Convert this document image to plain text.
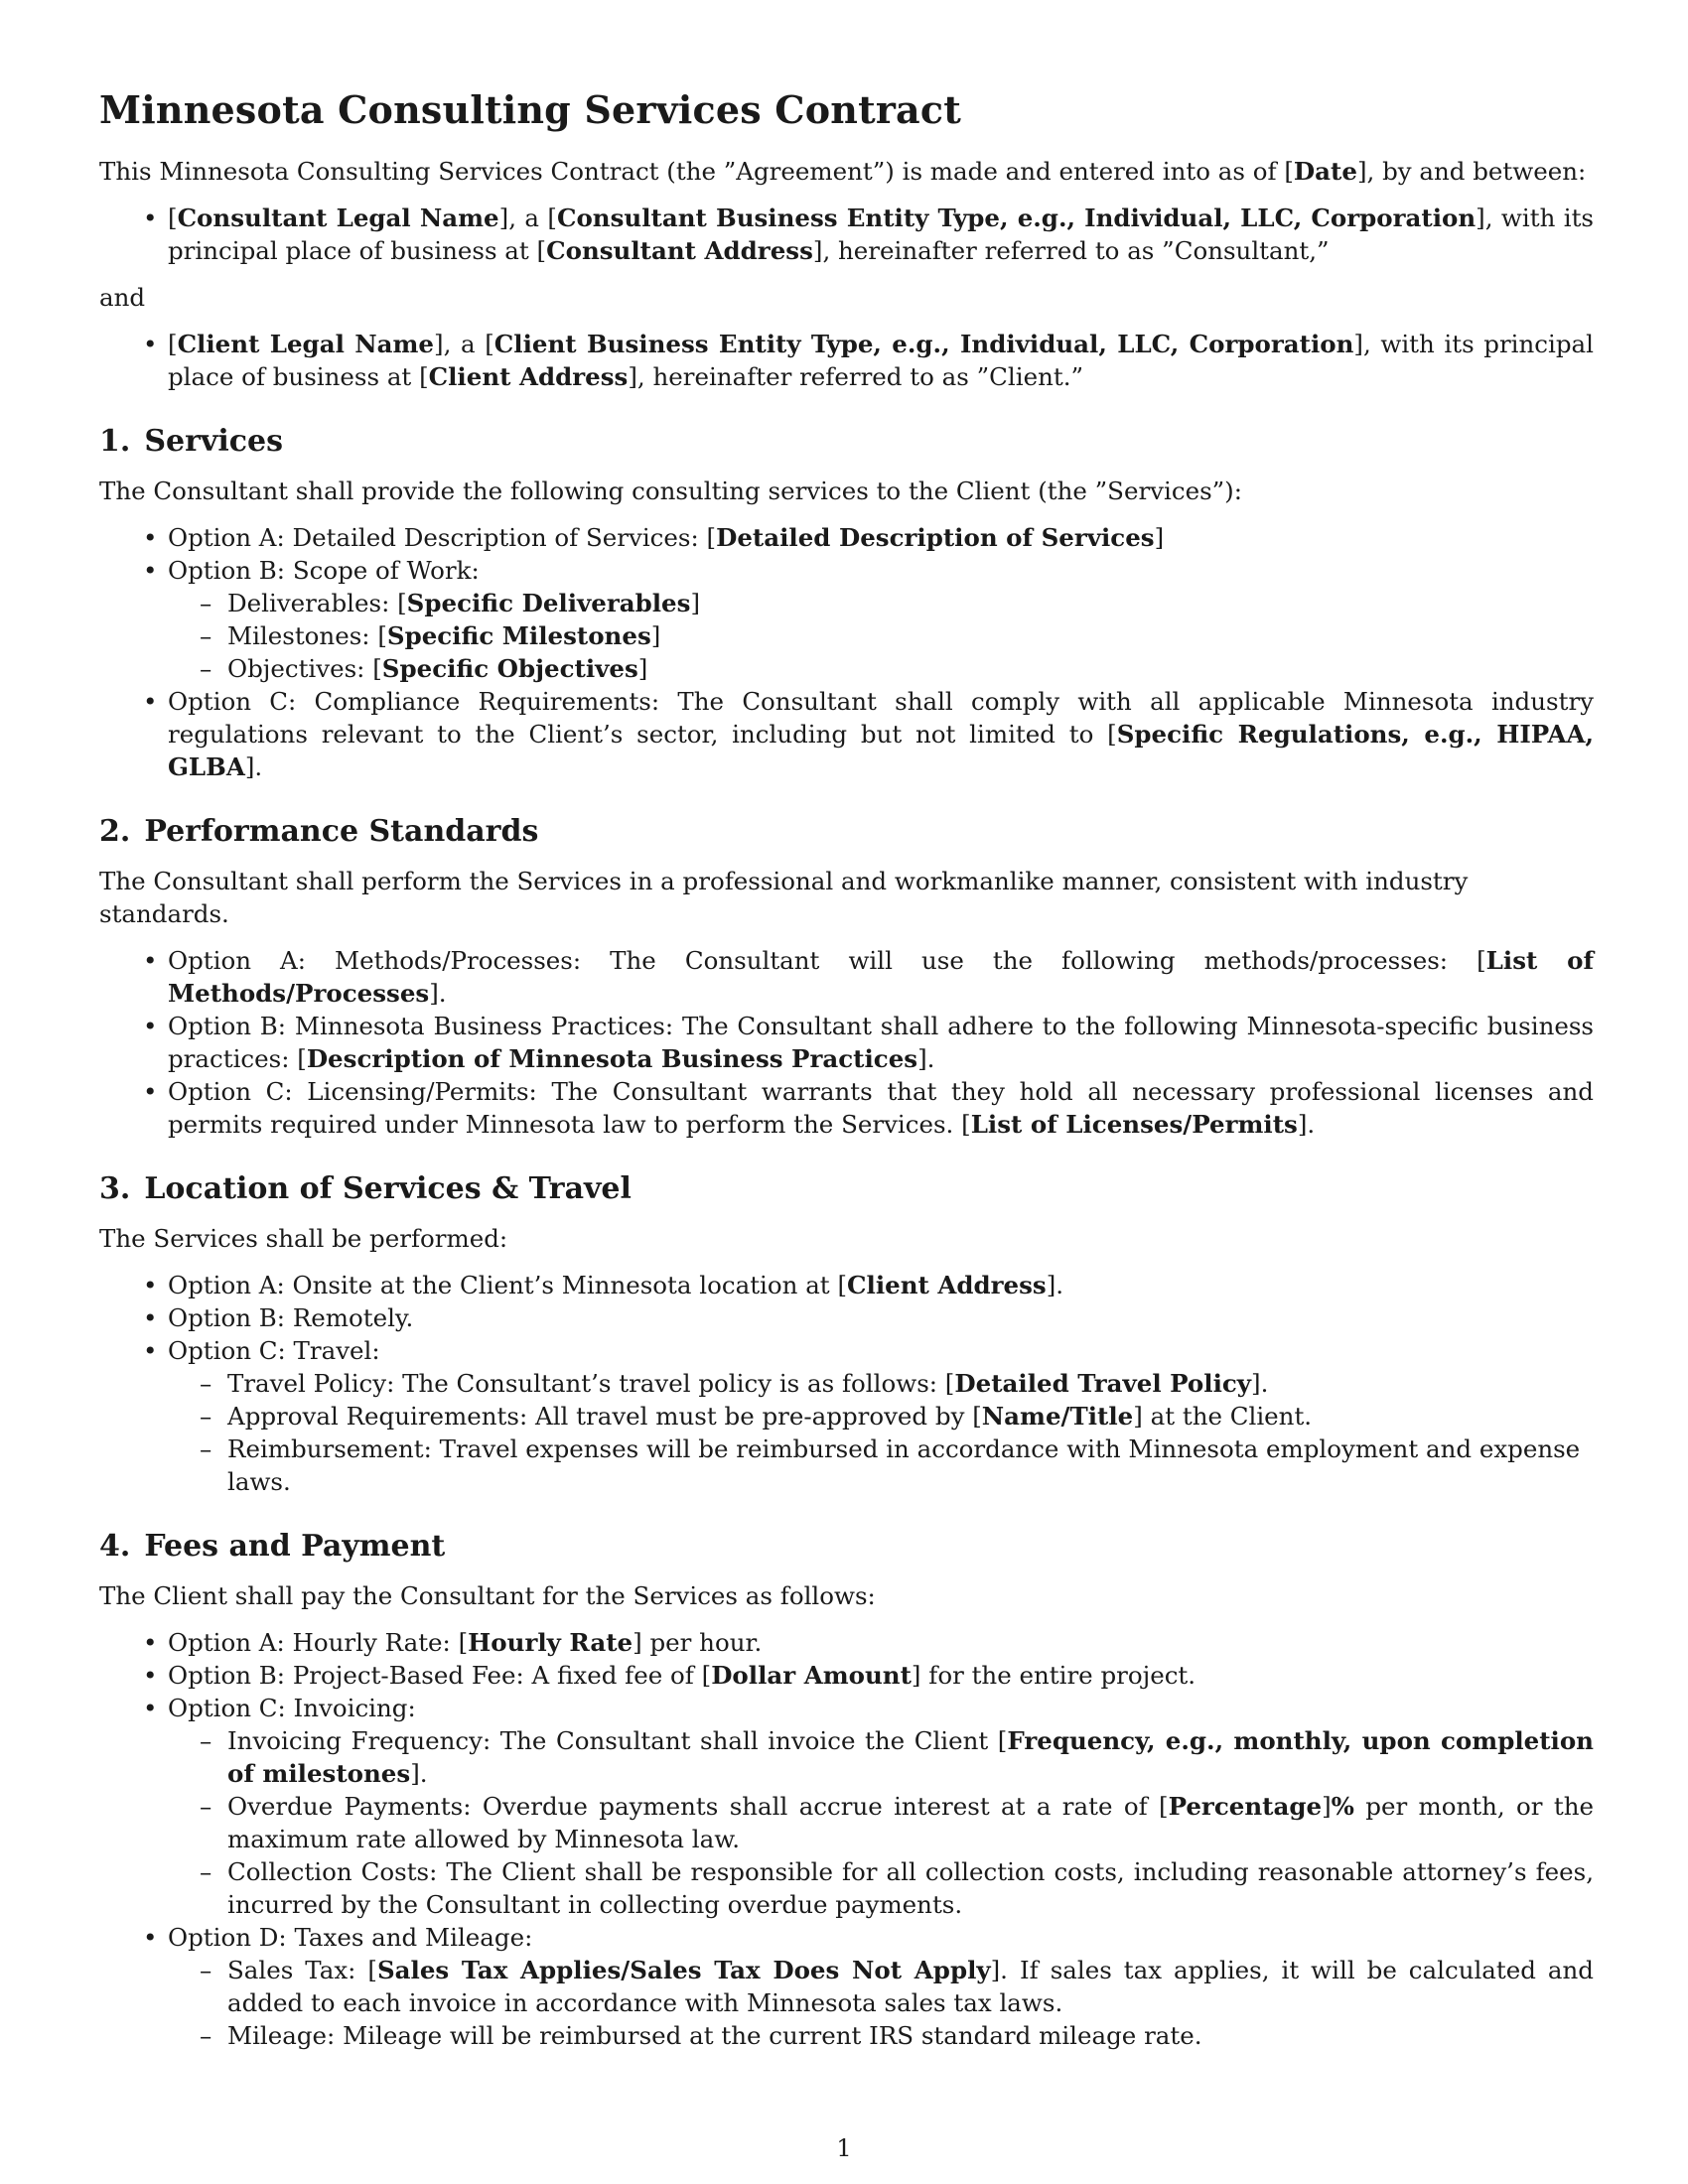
Minnesota Consulting Services Contract

This Minnesota Consulting Services Contract (the ”Agreement”) is made and entered into as of [Date], by and between:

• [Consultant Legal Name], a [Consultant Business Entity Type, e.g., Individual, LLC, Corporation], with its principal place of business at [Consultant Address], hereinafter referred to as ”Consultant,”

and

• [Client Legal Name], a [Client Business Entity Type, e.g., Individual, LLC, Corporation], with its principal place of business at [Client Address], hereinafter referred to as ”Client.”
1. Services

The Consultant shall provide the following consulting services to the Client (the ”Services”):

• Option A: Detailed Description of Services: [Detailed Description of Services]
• Option B: Scope of Work:
– Deliverables: [Specific Deliverables]
– Milestones: [Specific Milestones]
– Objectives: [Specific Objectives]
• Option C: Compliance Requirements: The Consultant shall comply with all applicable Minnesota industry regulations relevant to the Client’s sector, including but not limited to [Specific Regulations, e.g., HIPAA, GLBA].
2. Performance Standards

The Consultant shall perform the Services in a professional and workmanlike manner, consistent with industry standards.

• Option A: Methods/Processes: The Consultant will use the following methods/processes: [List of Methods/Processes].
• Option B: Minnesota Business Practices: The Consultant shall adhere to the following Minnesota-specific business practices: [Description of Minnesota Business Practices].
• Option C: Licensing/Permits: The Consultant warrants that they hold all necessary professional licenses and permits required under Minnesota law to perform the Services. [List of Licenses/Permits].
3. Location of Services & Travel

The Services shall be performed:

• Option A: Onsite at the Client’s Minnesota location at [Client Address].
• Option B: Remotely.
• Option C: Travel:
– Travel Policy: The Consultant’s travel policy is as follows: [Detailed Travel Policy].
– Approval Requirements: All travel must be pre-approved by [Name/Title] at the Client.
– Reimbursement: Travel expenses will be reimbursed in accordance with Minnesota employment and expense laws.
4. Fees and Payment

The Client shall pay the Consultant for the Services as follows:

• Option A: Hourly Rate: [Hourly Rate] per hour.
• Option B: Project-Based Fee: A fixed fee of [Dollar Amount] for the entire project.
• Option C: Invoicing:
– Invoicing Frequency: The Consultant shall invoice the Client [Frequency, e.g., monthly, upon completion of milestones].
– Overdue Payments: Overdue payments shall accrue interest at a rate of [Percentage]% per month, or the maximum rate allowed by Minnesota law.
– Collection Costs: The Client shall be responsible for all collection costs, including reasonable attorney’s fees, incurred by the Consultant in collecting overdue payments.
• Option D: Taxes and Mileage:
– Sales Tax: [Sales Tax Applies/Sales Tax Does Not Apply]. If sales tax applies, it will be calculated and added to each invoice in accordance with Minnesota sales tax laws.
– Mileage: Mileage will be reimbursed at the current IRS standard mileage rate.
1
